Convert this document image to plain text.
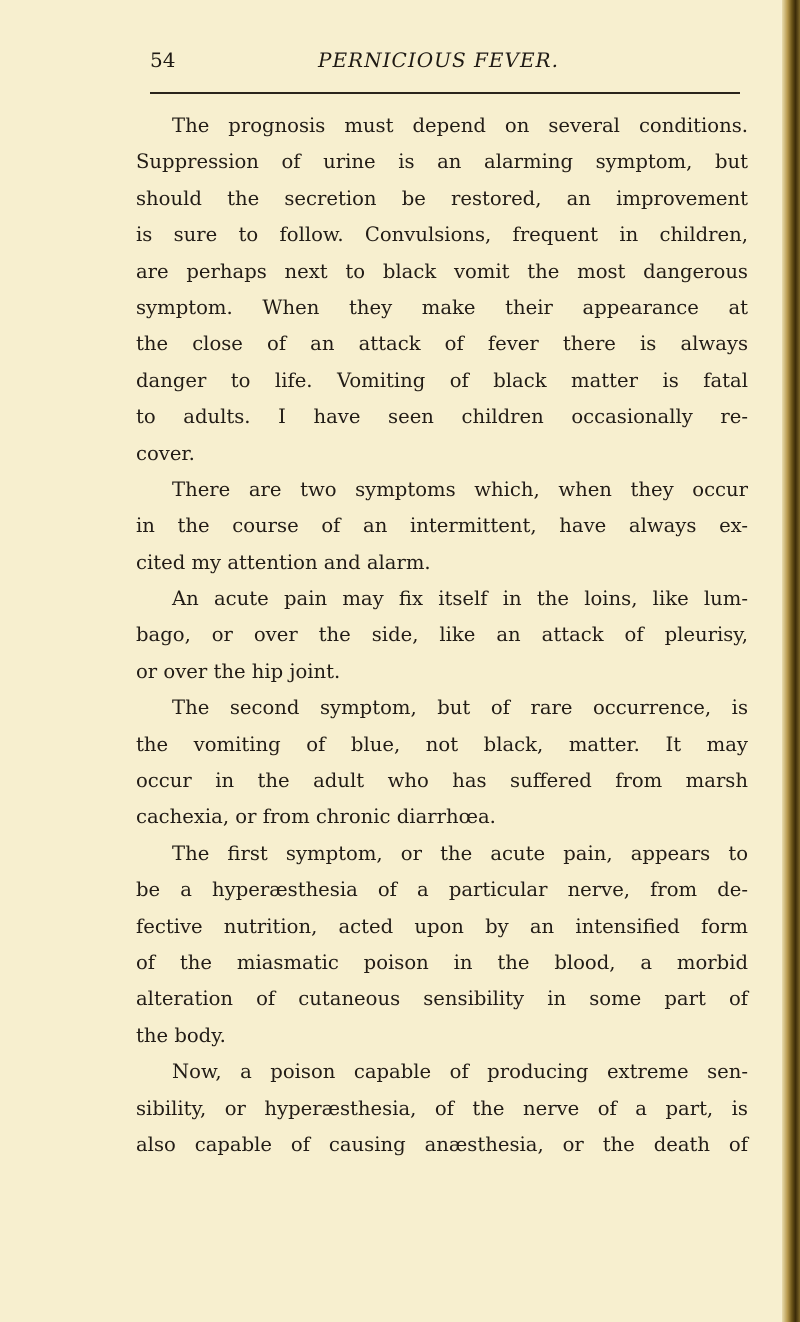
54	PERNICIOUS FEVER.
The prognosis must depend on several conditions.
Suppression of urine is an alarming symptom, but
should the secretion be restored, an improvement
is sure to follow. Convulsions, frequent in children,
are perhaps next to black vomit the most dangerous
symptom. When they make their appearance at
the close of an attack of fever there is always
danger to life. Vomiting of black matter is fatal
to adults. I have seen children occasionally re-
cover.
There are two symptoms which, when they occur
in the course of an intermittent, have always ex-
cited my attention and alarm.
An acute pain may fix itself in the loins, like lum-
bago, or over the side, like an attack of pleurisy,
or over the hip joint.
The second symptom, but of rare occurrence, is
the vomiting of blue, not black, matter. It may
occur in the adult who has suffered from marsh
cachexia, or from chronic diarrhœa.
The first symptom, or the acute pain, appears to
be a hyperæsthesia of a particular nerve, from de-
fective nutrition, acted upon by an intensified form
of the miasmatic poison in the blood, a morbid
alteration of cutaneous sensibility in some part of
the body.
Now, a poison capable of producing extreme sen-
sibility, or hyperæsthesia, of the nerve of a part, is
also capable of causing anæsthesia, or the death of
